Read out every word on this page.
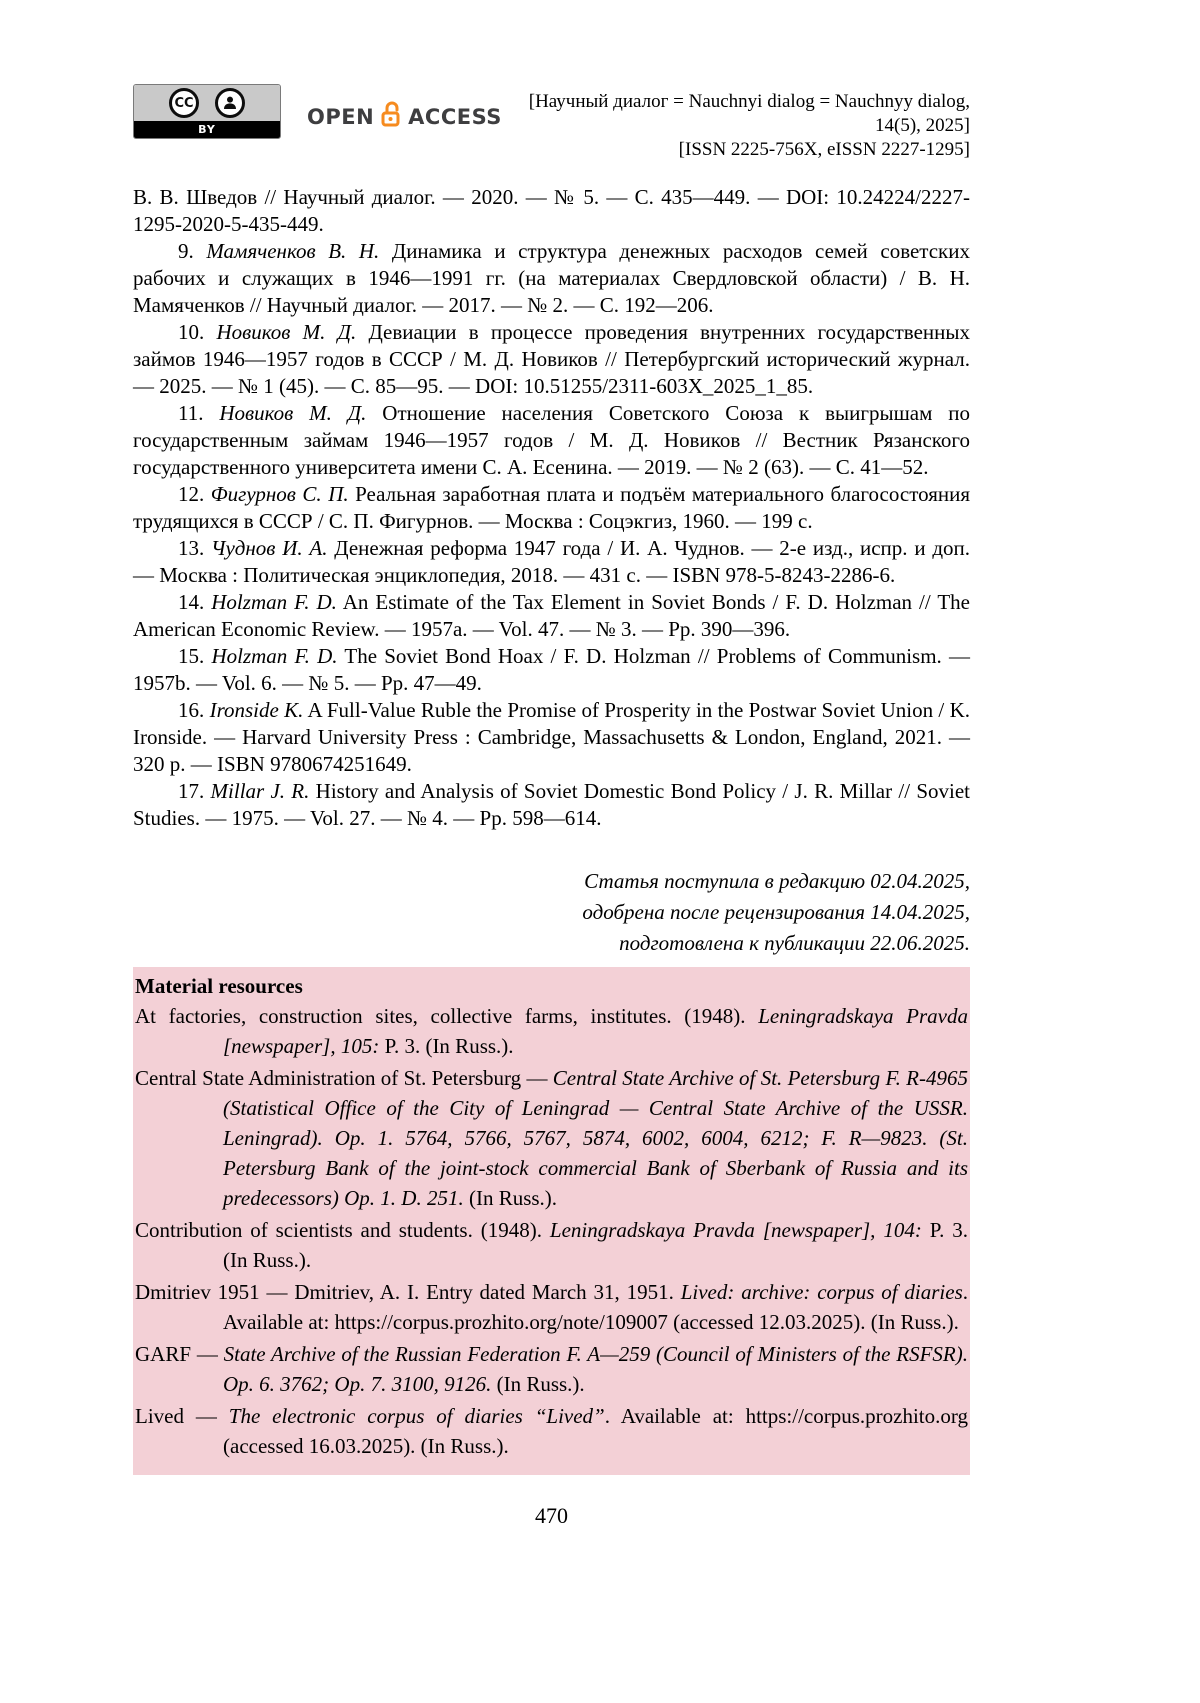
CC
BY
OPEN ACCESS
[Научный диалог = Nauchnyi dialog = Nauchnyy dialog, 14(5), 2025]
[ISSN 2225-756X, eISSN 2227-1295]

В. В. Шведов // Научный диалог. — 2020. — № 5. — С. 435—449. — DOI: 10.24224/2227-1295-2020-5-435-449.

9. Мамяченков В. Н. Динамика и структура денежных расходов семей советских рабочих и служащих в 1946—1991 гг. (на материалах Свердловской области) / В. Н. Мамяченков // Научный диалог. — 2017. — № 2. — С. 192—206.

10. Новиков М. Д. Девиации в процессе проведения внутренних государственных займов 1946—1957 годов в СССР / М. Д. Новиков // Петербургский исторический журнал. — 2025. — № 1 (45). — С. 85—95. — DOI: 10.51255/2311-603X_2025_1_85.

11. Новиков М. Д. Отношение населения Советского Союза к выигрышам по государственным займам 1946—1957 годов / М. Д. Новиков // Вестник Рязанского государственного университета имени С. А. Есенина. — 2019. — № 2 (63). — С. 41—52.

12. Фигурнов С. П. Реальная заработная плата и подъём материального благосостояния трудящихся в СССР / С. П. Фигурнов. — Москва : Соцэкгиз, 1960. — 199 с.

13. Чуднов И. А. Денежная реформа 1947 года / И. А. Чуднов. — 2-е изд., испр. и доп. — Москва : Политическая энциклопедия, 2018. — 431 с. — ISBN 978-5-8243-2286-6.

14. Holzman F. D. An Estimate of the Tax Element in Soviet Bonds / F. D. Holzman // The American Economic Review. — 1957a. — Vol. 47. — № 3. — Pp. 390—396.

15. Holzman F. D. The Soviet Bond Hoax / F. D. Holzman // Problems of Communism. — 1957b. — Vol. 6. — № 5. — Pp. 47—49.

16. Ironside K. A Full-Value Ruble the Promise of Prosperity in the Postwar Soviet Union / K. Ironside. — Harvard University Press : Cambridge, Massachusetts & London, England, 2021. — 320 p. — ISBN 9780674251649.

17. Millar J. R. History and Analysis of Soviet Domestic Bond Policy / J. R. Millar // Soviet Studies. — 1975. — Vol. 27. — № 4. — Pp. 598—614.

Статья поступила в редакцию 02.04.2025,
одобрена после рецензирования 14.04.2025,
подготовлена к публикации 22.06.2025.
Material resources

At factories, construction sites, collective farms, institutes. (1948). Leningradskaya Pravda [newspaper], 105: P. 3. (In Russ.).

Central State Administration of St. Petersburg — Central State Archive of St. Petersburg F. R-4965 (Statistical Office of the City of Leningrad — Central State Archive of the USSR. Leningrad). Op. 1. 5764, 5766, 5767, 5874, 6002, 6004, 6212; F. R—9823. (St. Petersburg Bank of the joint-stock commercial Bank of Sberbank of Russia and its predecessors) Op. 1. D. 251. (In Russ.).

Contribution of scientists and students. (1948). Leningradskaya Pravda [newspaper], 104: P. 3. (In Russ.).

Dmitriev 1951 — Dmitriev, A. I. Entry dated March 31, 1951. Lived: archive: corpus of diaries. Available at: https://corpus.prozhito.org/note/109007 (accessed 12.03.2025). (In Russ.).

GARF — State Archive of the Russian Federation F. A—259 (Council of Ministers of the RSFSR). Op. 6. 3762; Op. 7. 3100, 9126. (In Russ.).

Lived — The electronic corpus of diaries “Lived”. Available at: https://corpus.prozhito.org (accessed 16.03.2025). (In Russ.).

470
